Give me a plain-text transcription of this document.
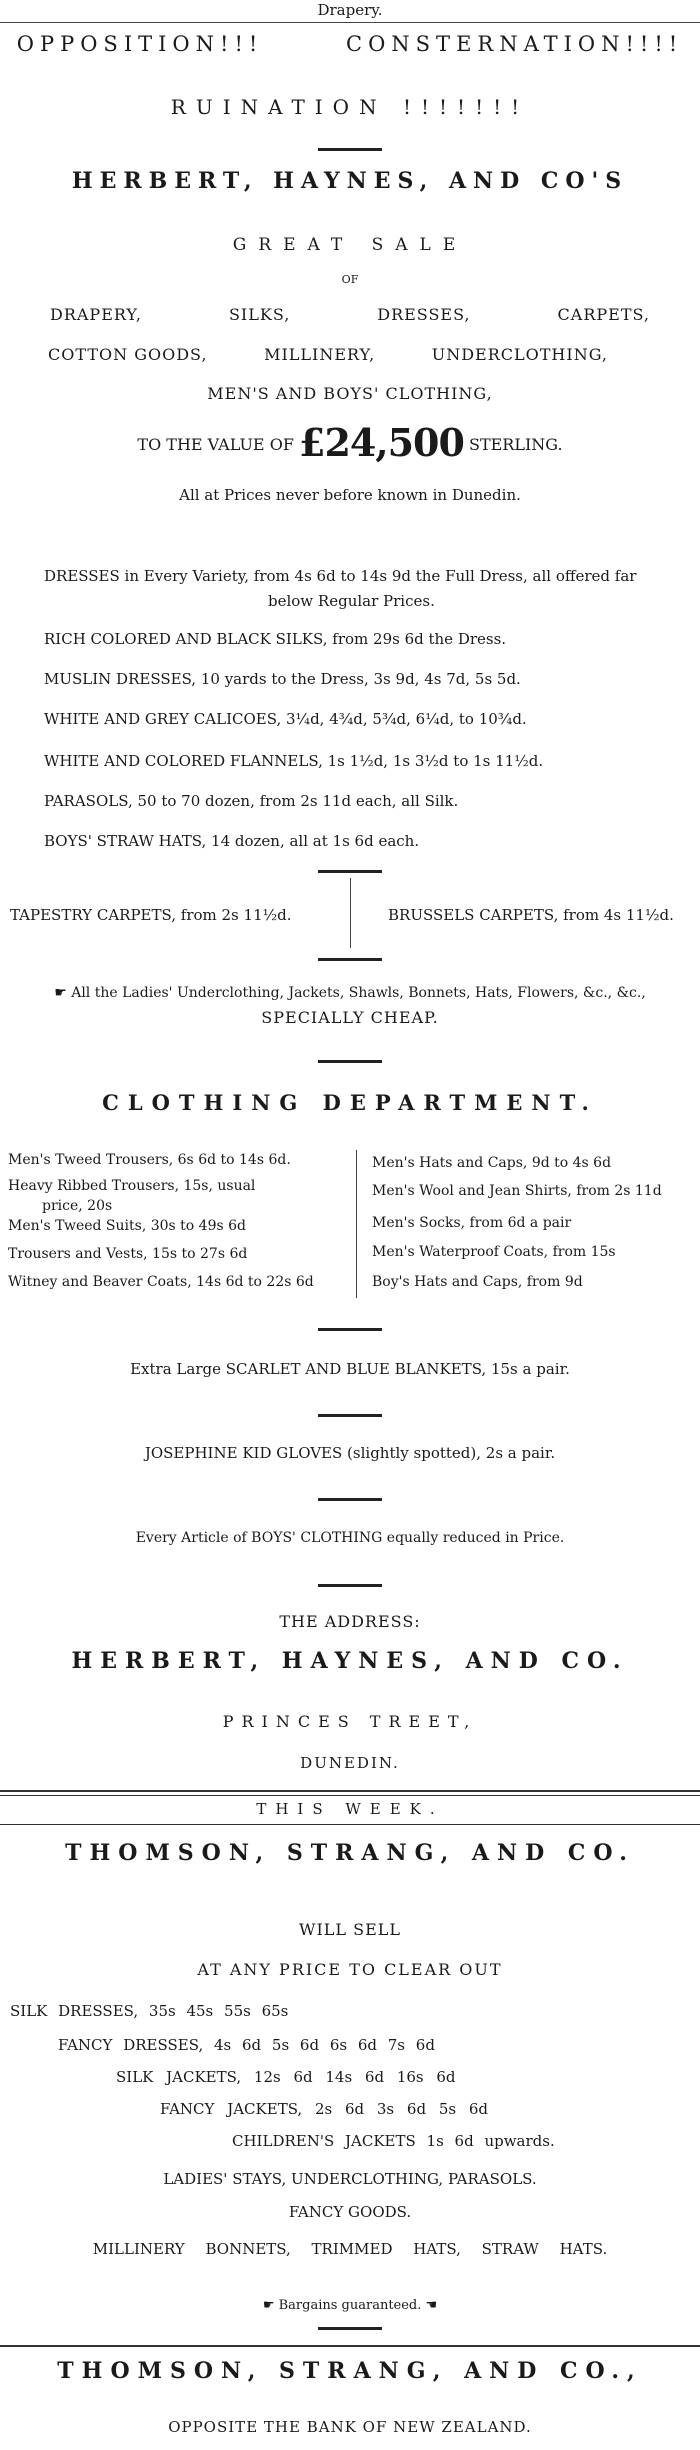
Drapery.
OPPOSITION!!!	CONSTERNATION!!!!
RUINATION !!!!!!!
HERBERT, HAYNES, AND CO'S
GREAT SALE
OF
DRAPERY,	SILKS,	DRESSES,	CARPETS,
COTTON GOODS,	MILLINERY,	UNDERCLOTHING,
MEN'S AND BOYS' CLOTHING,
TO THE VALUE OF £24,500 STERLING.
All at Prices never before known in Dunedin.
DRESSES in Every Variety, from 4s 6d to 14s 9d the Full Dress, all offered far
below Regular Prices.
RICH COLORED AND BLACK SILKS, from 29s 6d the Dress.
MUSLIN DRESSES, 10 yards to the Dress, 3s 9d, 4s 7d, 5s 5d.
WHITE AND GREY CALICOES, 3¼d, 4¾d, 5¾d, 6¼d, to 10¾d.
WHITE AND COLORED FLANNELS, 1s 1½d, 1s 3½d to 1s 11½d.
PARASOLS, 50 to 70 dozen, from 2s 11d each, all Silk.
BOYS' STRAW HATS, 14 dozen, all at 1s 6d each.
TAPESTRY CARPETS, from 2s 11½d.	BRUSSELS CARPETS, from 4s 11½d.
☛ All the Ladies' Underclothing, Jackets, Shawls, Bonnets, Hats, Flowers, &c., &c.,
SPECIALLY CHEAP.
CLOTHING DEPARTMENT.
Men's Tweed Trousers, 6s 6d to 14s 6d.
Heavy Ribbed Trousers, 15s, usual
price, 20s
Men's Tweed Suits, 30s to 49s 6d
Trousers and Vests, 15s to 27s 6d
Witney and Beaver Coats, 14s 6d to 22s 6d
Men's Hats and Caps, 9d to 4s 6d
Men's Wool and Jean Shirts, from 2s 11d
Men's Socks, from 6d a pair
Men's Waterproof Coats, from 15s
Boy's Hats and Caps, from 9d
Extra Large SCARLET AND BLUE BLANKETS, 15s a pair.
JOSEPHINE KID GLOVES (slightly spotted), 2s a pair.
Every Article of BOYS' CLOTHING equally reduced in Price.
THE ADDRESS:
HERBERT, HAYNES, AND CO.
PRINCES TREET,
DUNEDIN.
THIS WEEK.
THOMSON, STRANG, AND CO.
WILL SELL
AT ANY PRICE TO CLEAR OUT
SILK DRESSES, 35s 45s 55s 65s
FANCY DRESSES, 4s 6d 5s 6d 6s 6d 7s 6d
SILK JACKETS, 12s 6d 14s 6d 16s 6d
FANCY JACKETS, 2s 6d 3s 6d 5s 6d
CHILDREN'S JACKETS 1s 6d upwards.
LADIES' STAYS, UNDERCLOTHING, PARASOLS.
FANCY GOODS.
MILLINERY BONNETS, TRIMMED HATS, STRAW HATS.
☛ Bargains guaranteed. ☚
THOMSON, STRANG, AND CO.,
OPPOSITE THE BANK OF NEW ZEALAND.
